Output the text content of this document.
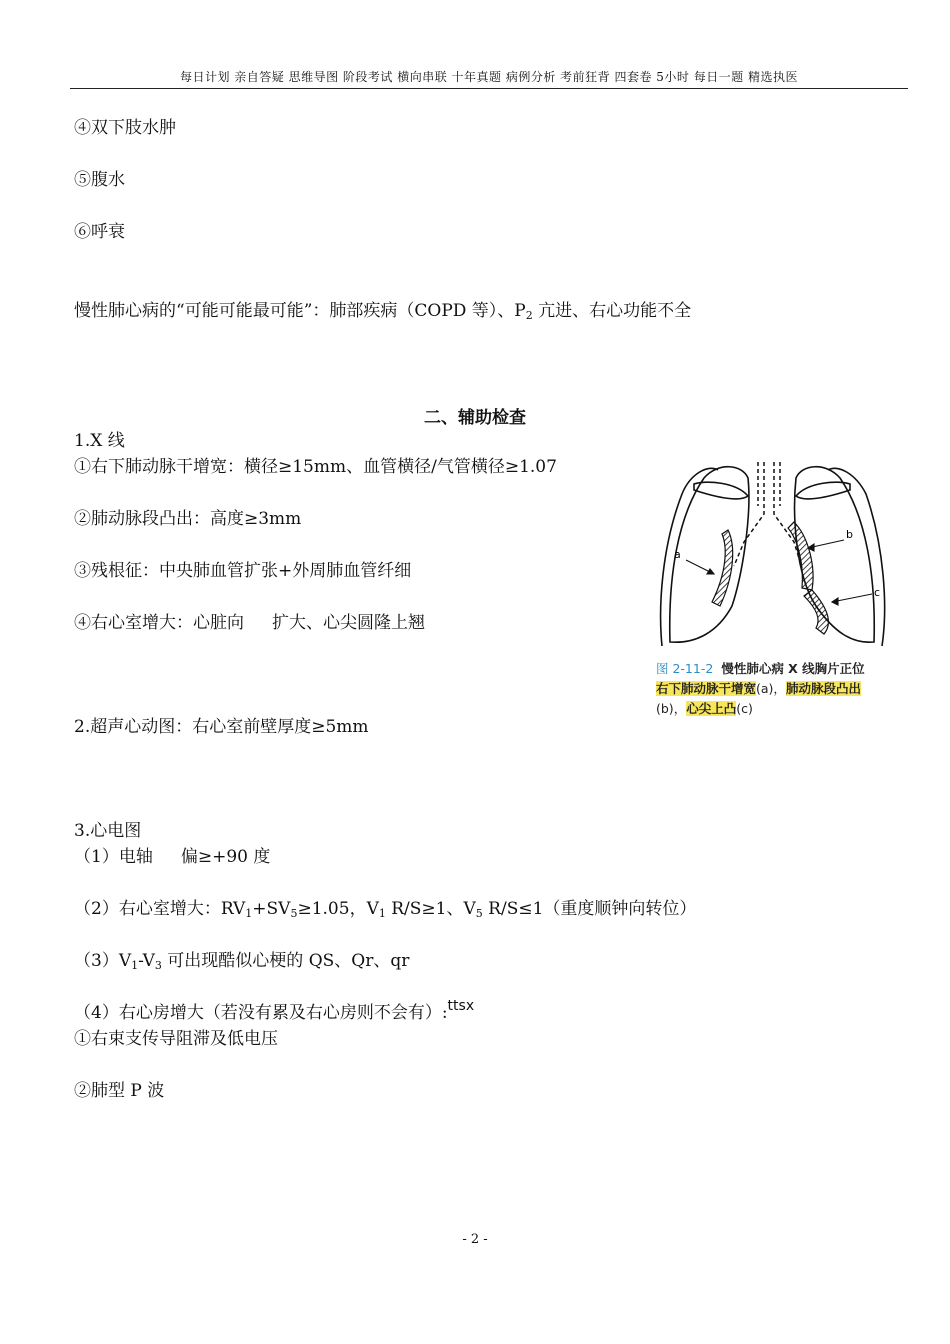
每日计划 亲自答疑 思维导图 阶段考试 横向串联 十年真题 病例分析 考前狂背 四套卷 5小时 每日一题 精选执医
④双下肢水肿
⑤腹水
⑥呼衰
慢性肺心病的“可能可能最可能”：肺部疾病（COPD 等）、$P_2$ 亢进、右心功能不全
二、辅助检查
1.X 线
①右下肺动脉干增宽：横径≥15mm、血管横径/气管横径≥1.07
②肺动脉段凸出：高度≥3mm
③残根征：中央肺血管扩张+外周肺血管纤细
④右心室增大：心脏向 扩大、心尖圆隆上翘
2.超声心动图：右心室前壁厚度≥5mm
3.心电图
（1）电轴 偏≥+90 度
（2）右心室增大：$RV_1+SV_5\ge 1.05$，$V_1$ R/S≥1、$V_5$ R/S≤1（重度顺钟向转位）
$(3)V_1-V_3$ 可出现酷似心梗的 QS、Qr、qr
（4）右心房增大（若没有累及右心房则不会有）:$^{ttsx}$
①右束支传导阻滞及低电压
②肺型 P 波
a
b
c
图 2-11-2 慢性肺心病 X 线胸片正位
右下肺动脉干增宽(a)，肺动脉段凸出
(b)，心尖上凸(c)
- 2 -
